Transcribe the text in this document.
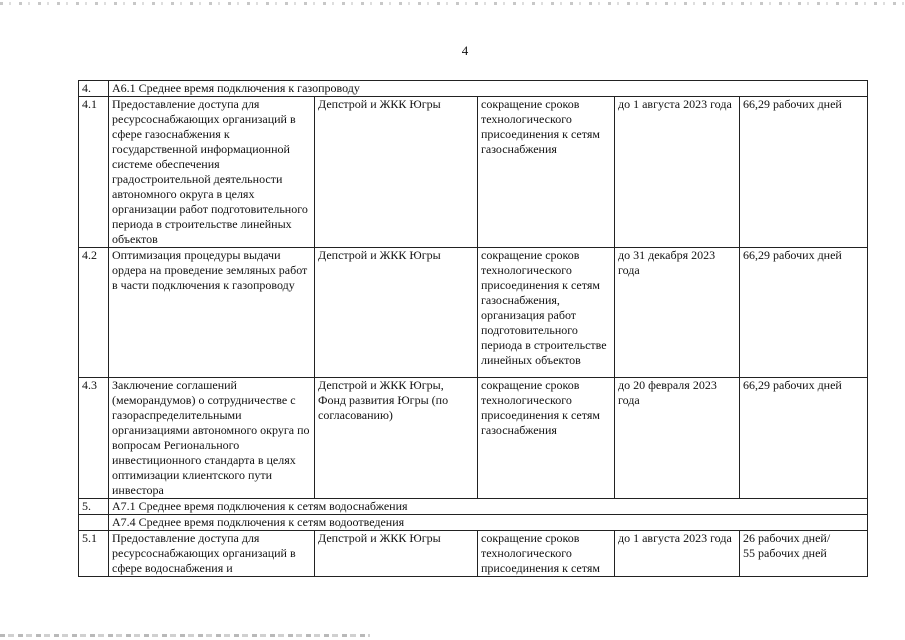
4
4.	А6.1 Среднее время подключения к газопроводу				
4.1	Предоставление доступа для ресурсоснабжающих организаций в сфере газоснабжения к государственной информационной системе обеспечения градостроительной деятельности автономного округа в целях организации работ подготовительного периода в строительстве линейных объектов	Депстрой и ЖКК Югры	сокращение сроков технологического присоединения к сетям газоснабжения	до 1 августа 2023 года	66,29 рабочих дней
4.2	Оптимизация процедуры выдачи ордера на проведение земляных работ в части подключения к газопроводу	Депстрой и ЖКК Югры	сокращение сроков технологического присоединения к сетям газоснабжения, организация работ подготовительного периода в строительстве линейных объектов	до 31 декабря 2023 года	66,29 рабочих дней
4.3	Заключение соглашений (меморандумов) о сотрудничестве с газораспределительными организациями автономного округа по вопросам Регионального инвестиционного стандарта в целях оптимизации клиентского пути инвестора	Депстрой и ЖКК Югры, Фонд развития Югры (по согласованию)	сокращение сроков технологического присоединения к сетям газоснабжения	до 20 февраля 2023 года	66,29 рабочих дней
5.	А7.1 Среднее время подключения к сетям водоснабжения				
	А7.4 Среднее время подключения к сетям водоотведения				
5.1	Предоставление доступа для ресурсоснабжающих организаций в сфере водоснабжения и	Депстрой и ЖКК Югры	сокращение сроков технологического присоединения к сетям	до 1 августа 2023 года	26 рабочих дней/
55 рабочих дней
